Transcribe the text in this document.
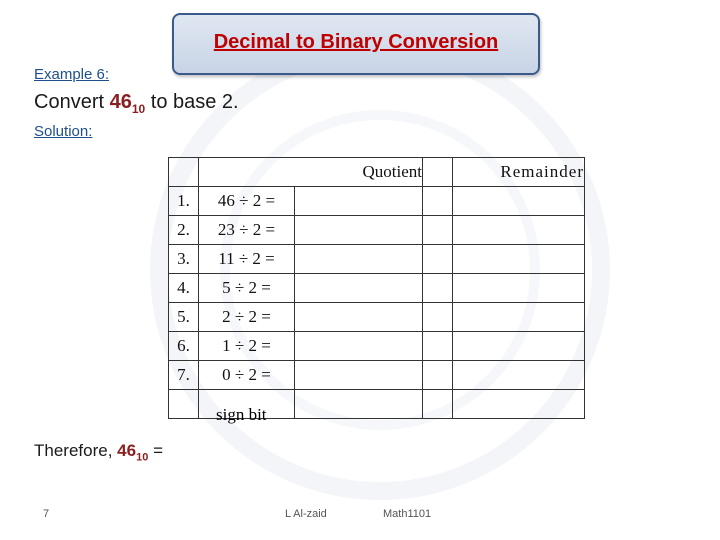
Decimal to Binary Conversion
Example 6:
Convert $46_{10}$ to base 2.
Solution:
	Quotient			Remainder
1.	46 ÷ 2 =			
2.	23 ÷ 2 =			
3.	11 ÷ 2 =			
4.	5 ÷ 2 =			
5.	2 ÷ 2 =			
6.	1 ÷ 2 =			
7.	0 ÷ 2 =			

sign bit
Therefore, $46_{10}$ =
7	L Al-zaid	Math1101
